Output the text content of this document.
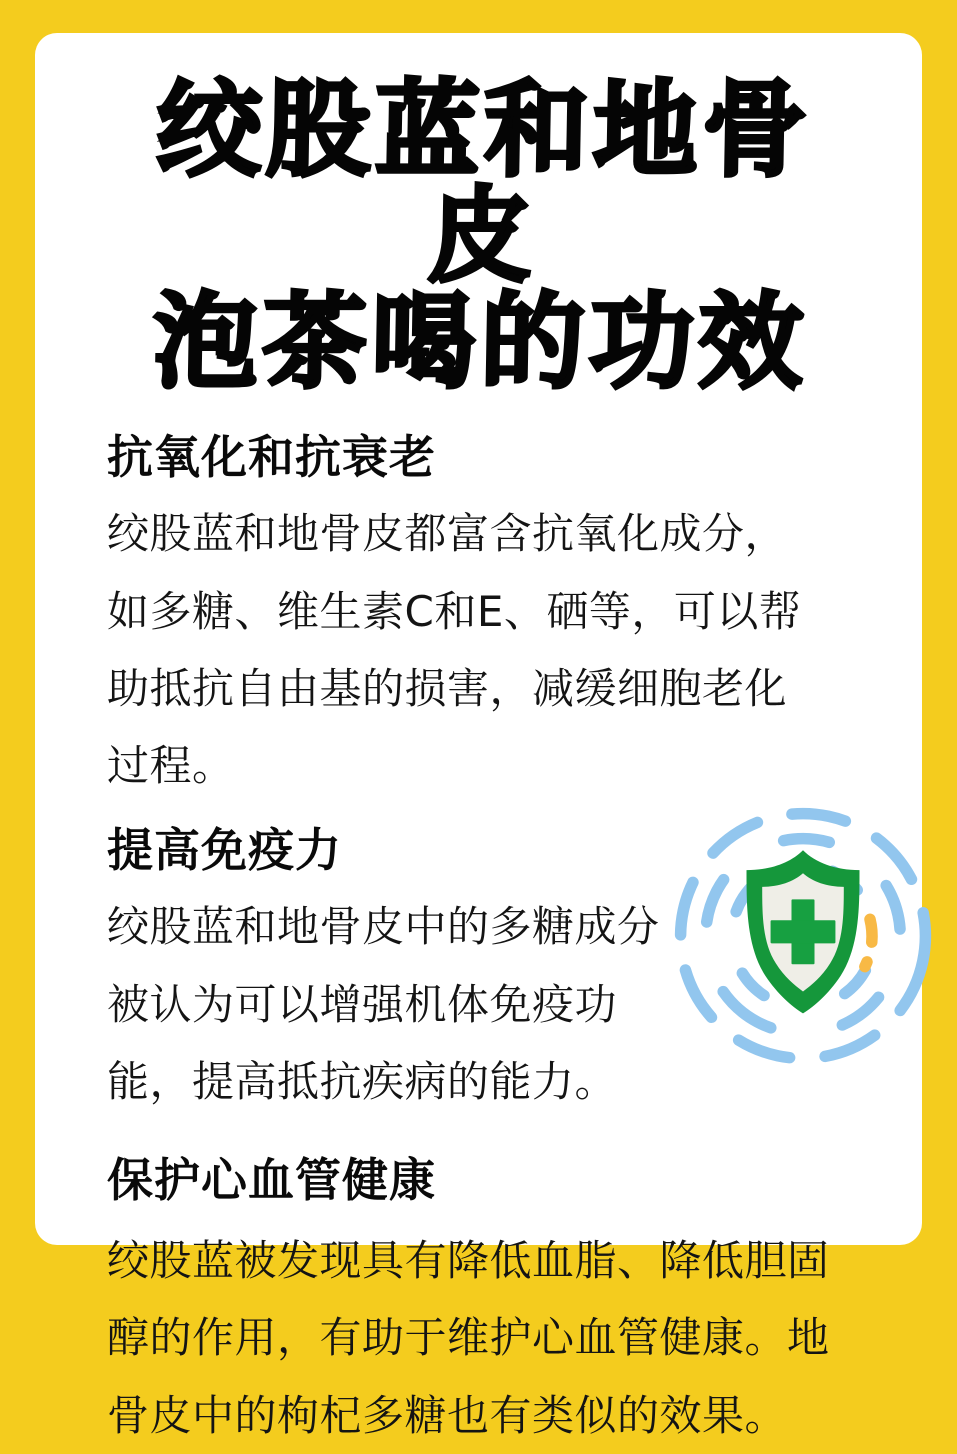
绞股蓝和地骨皮
泡茶喝的功效
抗氧化和抗衰老

绞股蓝和地骨皮都富含抗氧化成分，如多糖、维生素C和E、硒等，可以帮助抵抗自由基的损害，减缓细胞老化过程。

提高免疫力

绞股蓝和地骨皮中的多糖成分被认为可以增强机体免疫功能，提高抵抗疾病的能力。

保护心血管健康

绞股蓝被发现具有降低血脂、降低胆固醇的作用，有助于维护心血管健康。地骨皮中的枸杞多糖也有类似的效果。
